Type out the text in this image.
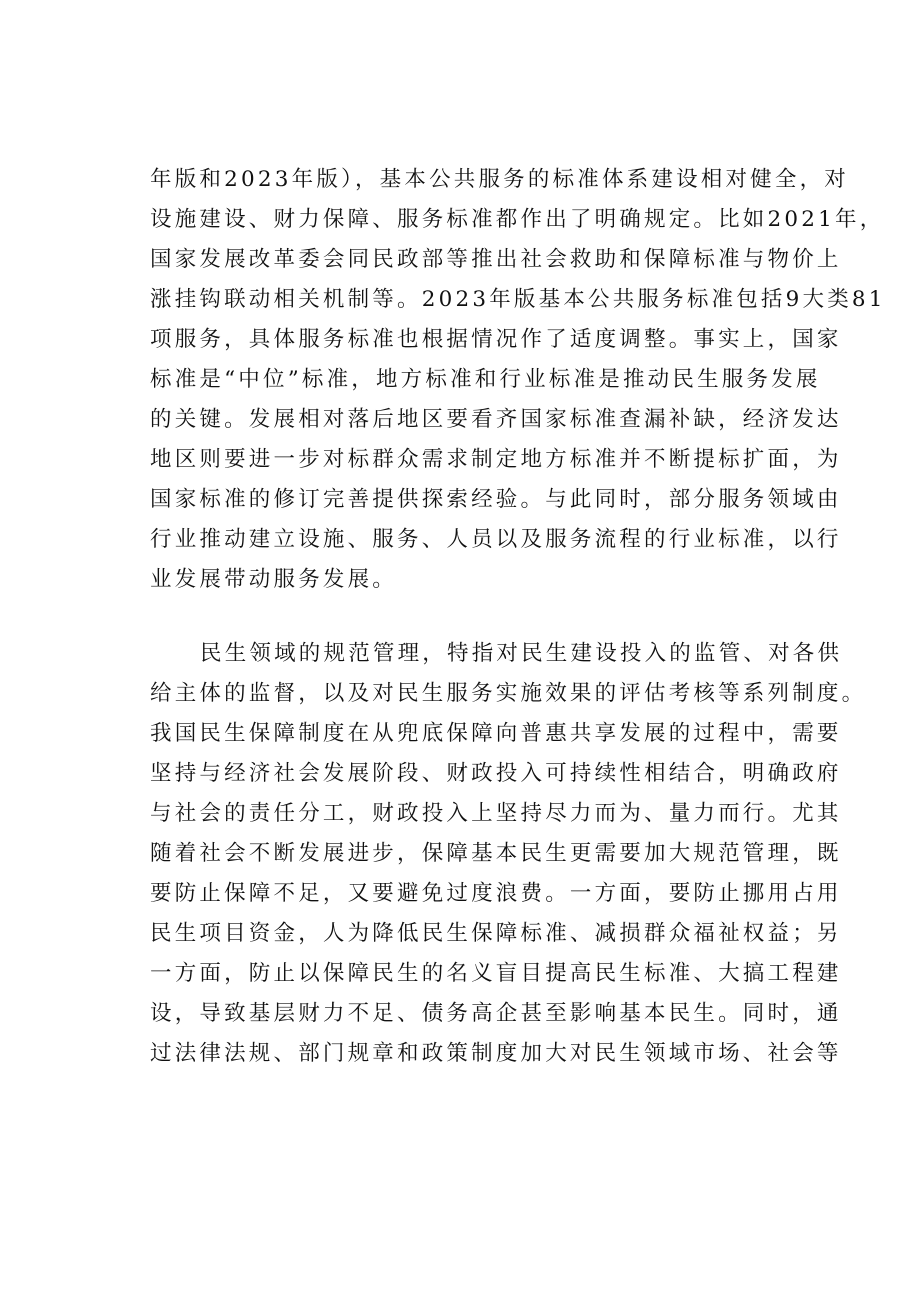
年版和2023年版），基本公共服务的标准体系建设相对健全，对
设施建设、财力保障、服务标准都作出了明确规定。比如2021年，
国家发展改革委会同民政部等推出社会救助和保障标准与物价上
涨挂钩联动相关机制等。2023年版基本公共服务标准包括9大类81
项服务，具体服务标准也根据情况作了适度调整。事实上，国家
标准是“中位”标准，地方标准和行业标准是推动民生服务发展
的关键。发展相对落后地区要看齐国家标准查漏补缺，经济发达
地区则要进一步对标群众需求制定地方标准并不断提标扩面，为
国家标准的修订完善提供探索经验。与此同时，部分服务领域由
行业推动建立设施、服务、人员以及服务流程的行业标准，以行
业发展带动服务发展。
民生领域的规范管理，特指对民生建设投入的监管、对各供
给主体的监督，以及对民生服务实施效果的评估考核等系列制度。
我国民生保障制度在从兜底保障向普惠共享发展的过程中，需要
坚持与经济社会发展阶段、财政投入可持续性相结合，明确政府
与社会的责任分工，财政投入上坚持尽力而为、量力而行。尤其
随着社会不断发展进步，保障基本民生更需要加大规范管理，既
要防止保障不足，又要避免过度浪费。一方面，要防止挪用占用
民生项目资金，人为降低民生保障标准、减损群众福祉权益；另
一方面，防止以保障民生的名义盲目提高民生标准、大搞工程建
设，导致基层财力不足、债务高企甚至影响基本民生。同时，通
过法律法规、部门规章和政策制度加大对民生领域市场、社会等
